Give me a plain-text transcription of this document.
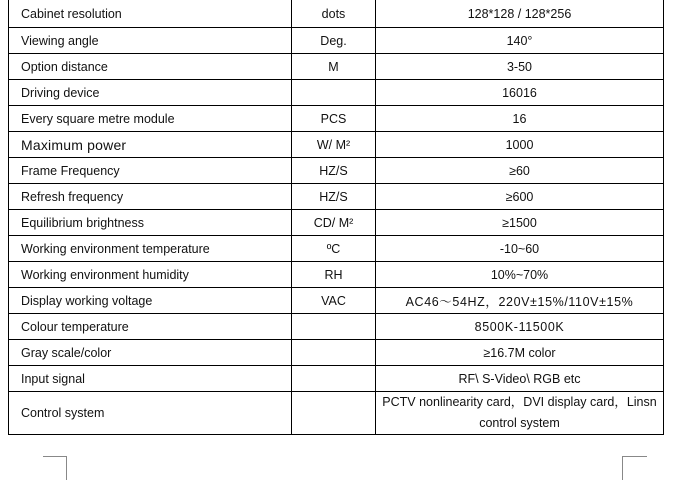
Cabinet resolution	dots	128*128 / 128*256
Viewing angle	Deg.	140°
Option distance	M	3-50
Driving device		16016
Every square metre module	PCS	16
Maximum power	W/ M²	1000
Frame Frequency	HZ/S	≥60
Refresh frequency	HZ/S	≥600
Equilibrium brightness	CD/ M²	≥1500
Working environment temperature	ºC	-10~60
Working environment humidity	RH	10%~70%
Display working voltage	VAC	AC46～54HZ，220V±15%/110V±15%
Colour temperature		8500K-11500K
Gray scale/color		≥16.7M color
Input signal		RF\ S-Video\ RGB etc
Control system		PCTV nonlinearity card，DVI display card，Linsn control system
